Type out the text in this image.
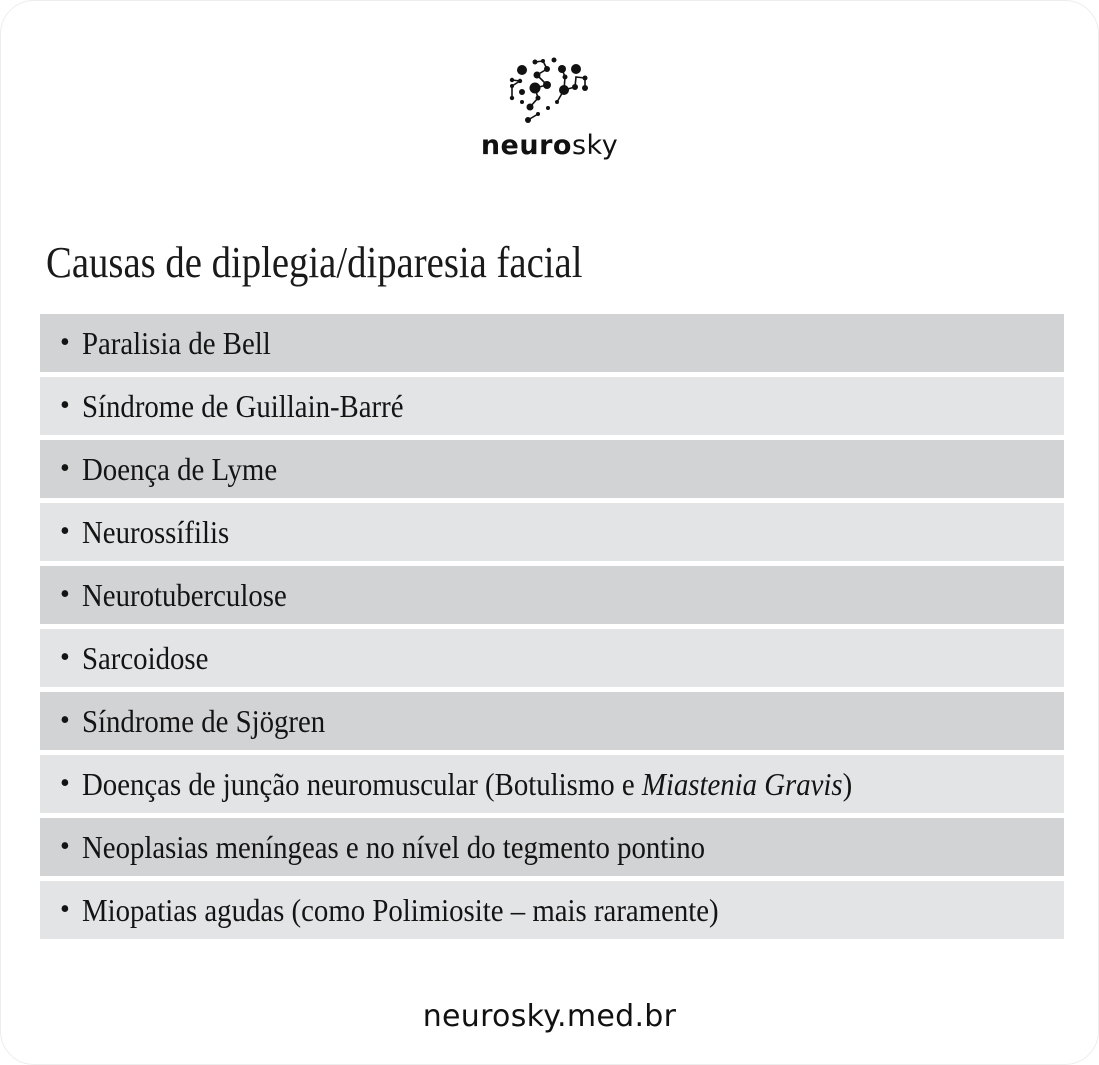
neurosky
Causas de diplegia/diparesia facial
• Paralisia de Bell
• Síndrome de Guillain-Barré
• Doença de Lyme
• Neurossífilis
• Neurotuberculose
• Sarcoidose
• Síndrome de Sjögren
• Doenças de junção neuromuscular (Botulismo e Miastenia Gravis)
• Neoplasias meníngeas e no nível do tegmento pontino
• Miopatias agudas (como Polimiosite – mais raramente)
neurosky.med.br
